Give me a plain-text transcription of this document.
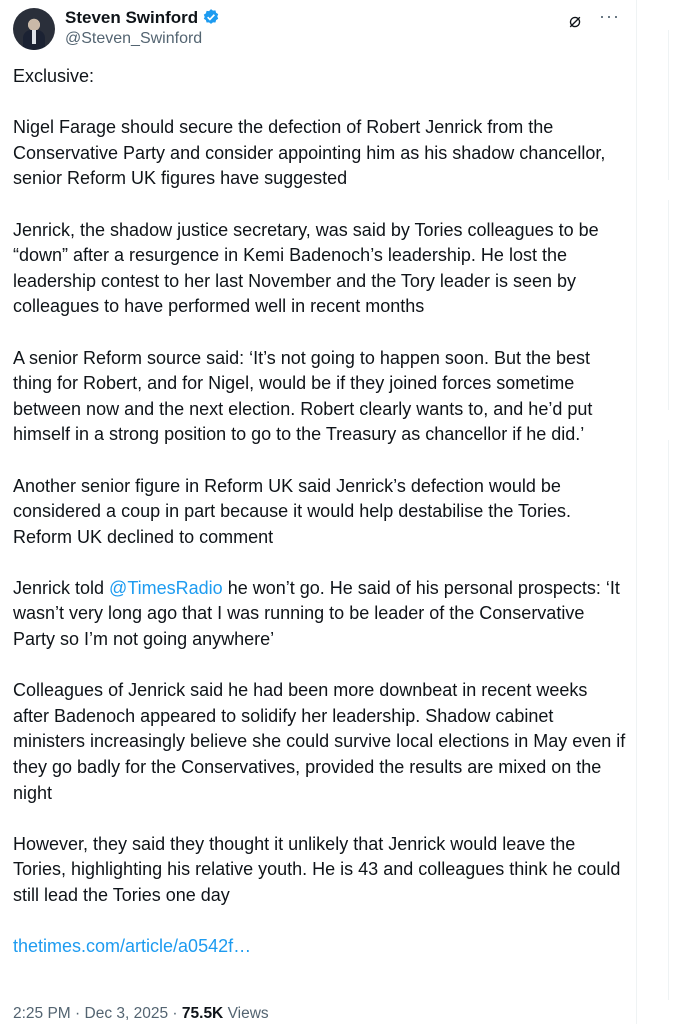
Steven Swinford
@Steven_Swinford
⌀ ···

Exclusive:

Nigel Farage should secure the defection of Robert Jenrick from the Conservative Party and consider appointing him as his shadow chancellor, senior Reform UK figures have suggested

Jenrick, the shadow justice secretary, was said by Tories colleagues to be “down” after a resurgence in Kemi Badenoch’s leadership. He lost the leadership contest to her last November and the Tory leader is seen by colleagues to have performed well in recent months

A senior Reform source said: ‘It’s not going to happen soon. But the best thing for Robert, and for Nigel, would be if they joined forces sometime between now and the next election. Robert clearly wants to, and he’d put himself in a strong position to go to the Treasury as chancellor if he did.’

Another senior figure in Reform UK said Jenrick’s defection would be considered a coup in part because it would help destabilise the Tories. Reform UK declined to comment

Jenrick told @TimesRadio he won’t go. He said of his personal prospects: ‘It wasn’t very long ago that I was running to be leader of the Conservative Party so I’m not going anywhere’

Colleagues of Jenrick said he had been more downbeat in recent weeks after Badenoch appeared to solidify her leadership. Shadow cabinet ministers increasingly believe she could survive local elections in May even if they go badly for the Conservatives, provided the results are mixed on the night

However, they said they thought it unlikely that Jenrick would leave the Tories, highlighting his relative youth. He is 43 and colleagues think he could still lead the Tories one day

thetimes.com/article/a0542f…

2:25 PM · Dec 3, 2025 · 75.5K Views
